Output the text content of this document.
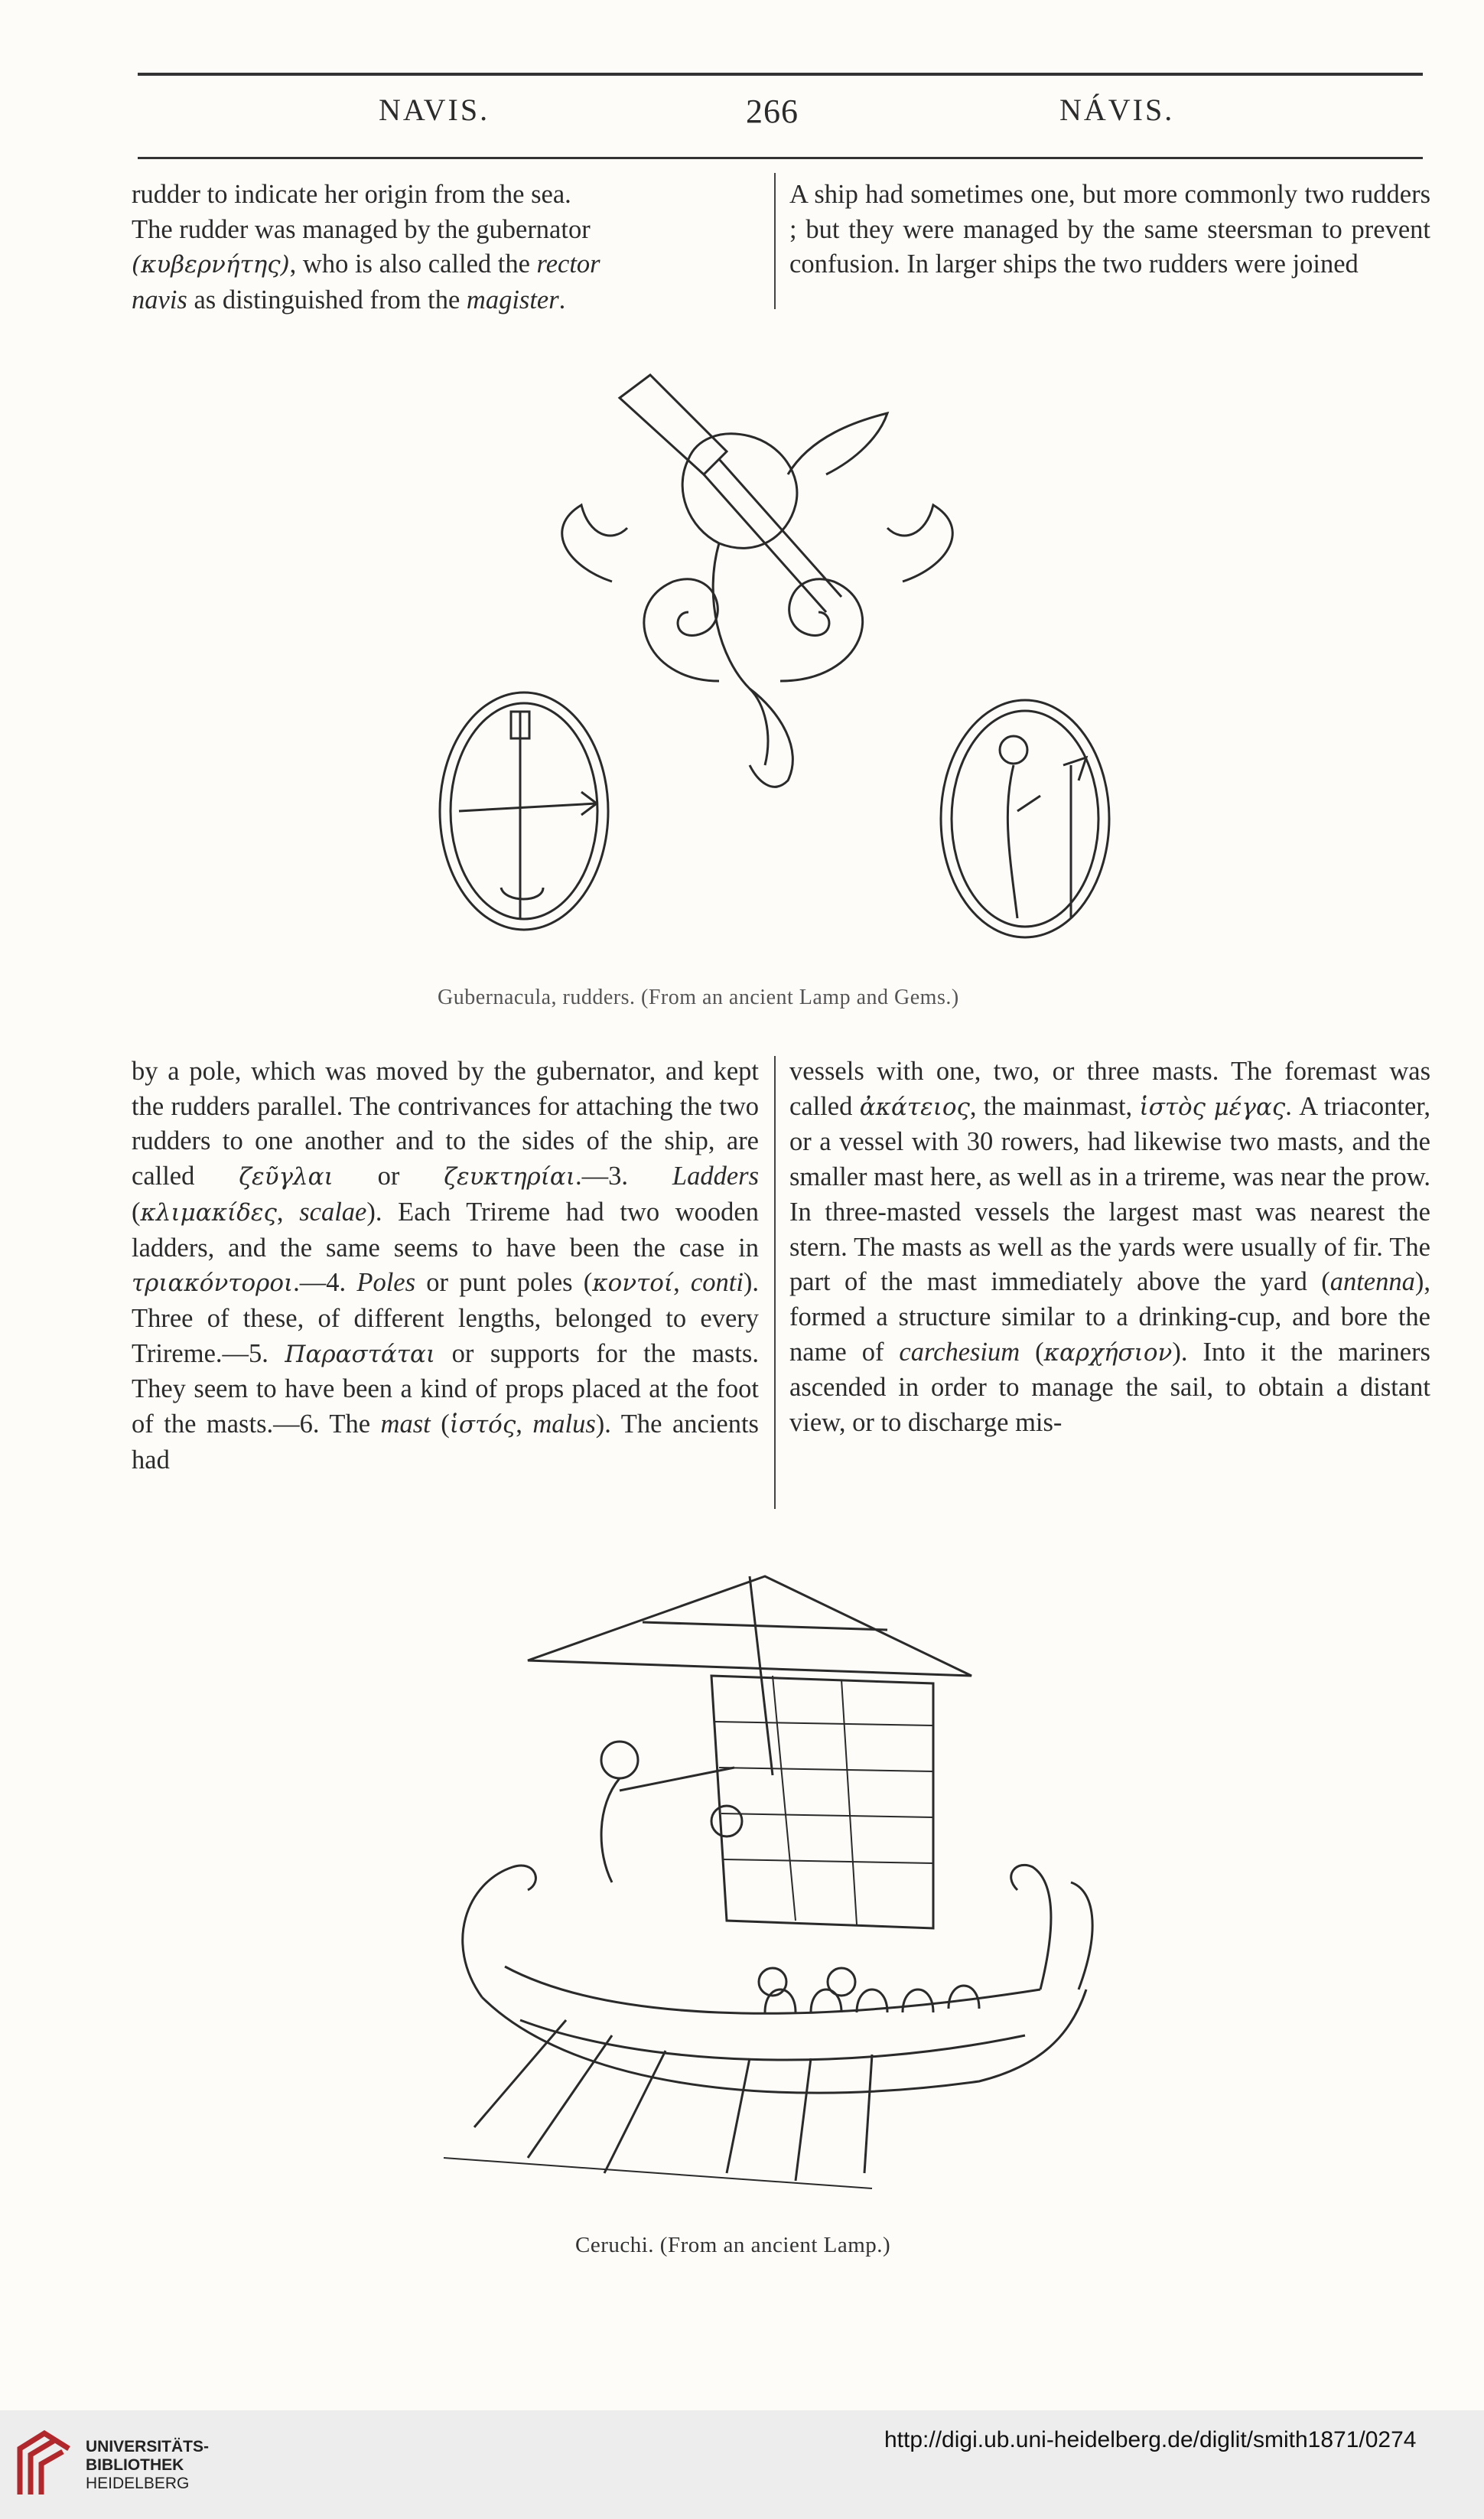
NAVIS.	266	NÁVIS.

rudder to indicate her origin from the sea.
The rudder was managed by the gubernator
(κυβερνήτης), who is also called the rector
navis as distinguished from the magister.

A ship had sometimes one, but more commonly two rudders ; but they were managed by the same steersman to prevent confusion. In larger ships the two rudders were joined

Gubernacula, rudders. (From an ancient Lamp and Gems.)

by a pole, which was moved by the gubernator, and kept the rudders parallel. The contrivances for attaching the two rudders to one another and to the sides of the ship, are called ζεῦγλαι or ζευκτηρίαι.—3. Ladders (κλιμακίδες, scalae). Each Trireme had two wooden ladders, and the same seems to have been the case in τριακόντοροι.—4. Poles or punt poles (κοντοί, conti). Three of these, of different lengths, belonged to every Trireme.—5. Παραστάται or supports for the masts. They seem to have been a kind of props placed at the foot of the masts.—6. The mast (ἱστός, malus). The ancients had

vessels with one, two, or three masts. The foremast was called ἀκάτειος, the mainmast, ἱστὸς μέγας. A triaconter, or a vessel with 30 rowers, had likewise two masts, and the smaller mast here, as well as in a trireme, was near the prow. In three-masted vessels the largest mast was nearest the stern. The masts as well as the yards were usually of fir. The part of the mast immediately above the yard (antenna), formed a structure similar to a drinking-cup, and bore the name of carchesium (καρχήσιον). Into it the mariners ascended in order to manage the sail, to obtain a distant view, or to discharge mis-

Ceruchi. (From an ancient Lamp.)
UNIVERSITÄTS-
BIBLIOTHEK
HEIDELBERG
http://digi.ub.uni-heidelberg.de/diglit/smith1871/0274
